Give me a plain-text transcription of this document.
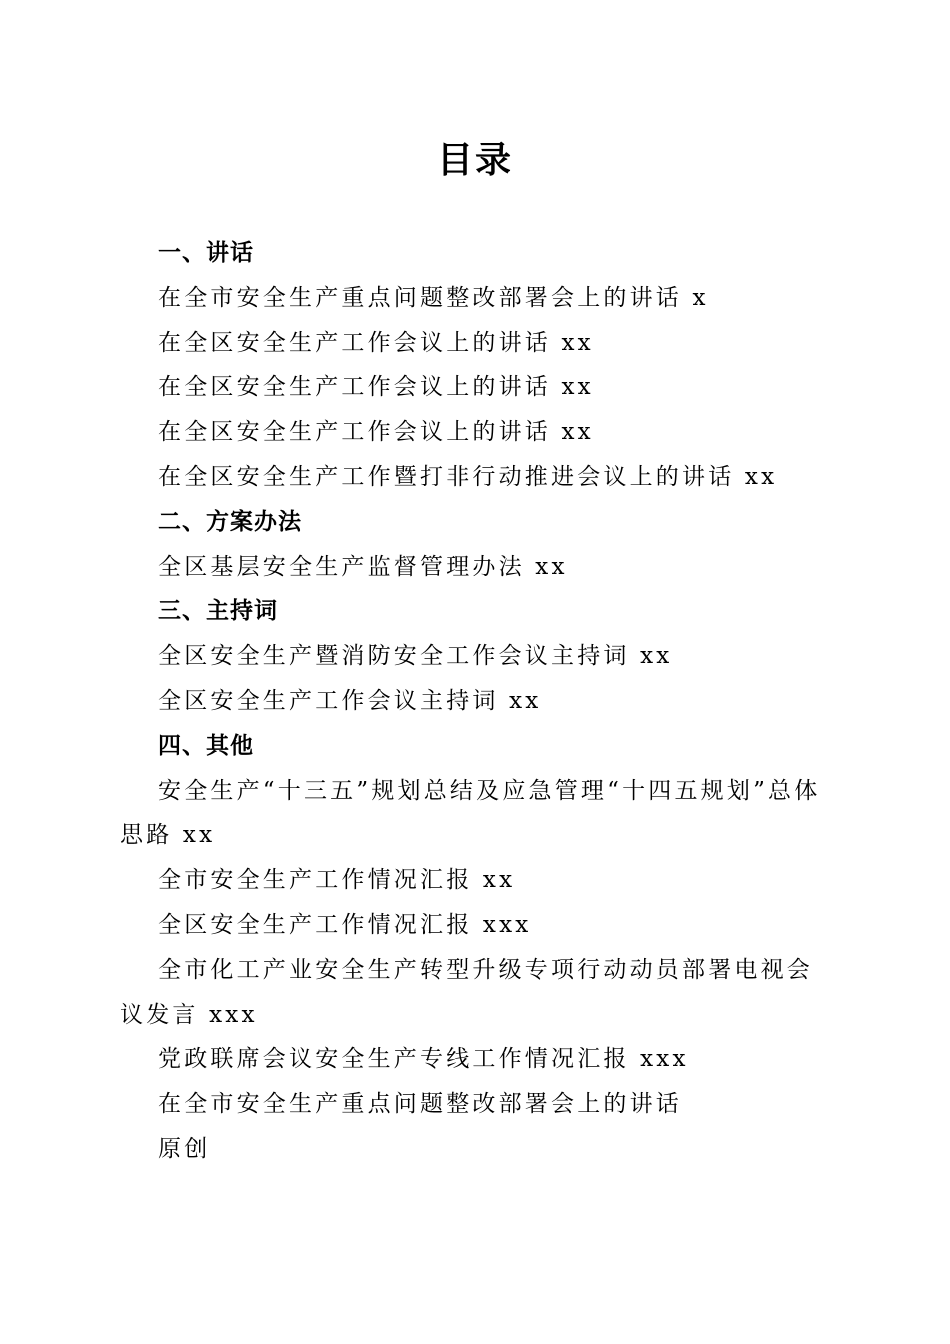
目录
一、讲话
在全市安全生产重点问题整改部署会上的讲话 x
在全区安全生产工作会议上的讲话 xx
在全区安全生产工作会议上的讲话 xx
在全区安全生产工作会议上的讲话 xx
在全区安全生产工作暨打非行动推进会议上的讲话 xx
二、方案办法
全区基层安全生产监督管理办法 xx
三、主持词
全区安全生产暨消防安全工作会议主持词 xx
全区安全生产工作会议主持词 xx
四、其他
安全生产“十三五”规划总结及应急管理“十四五规划”总体思路 xx
全市安全生产工作情况汇报 xx
全区安全生产工作情况汇报 xxx
全市化工产业安全生产转型升级专项行动动员部署电视会议发言 xxx
党政联席会议安全生产专线工作情况汇报 xxx
在全市安全生产重点问题整改部署会上的讲话
原创
